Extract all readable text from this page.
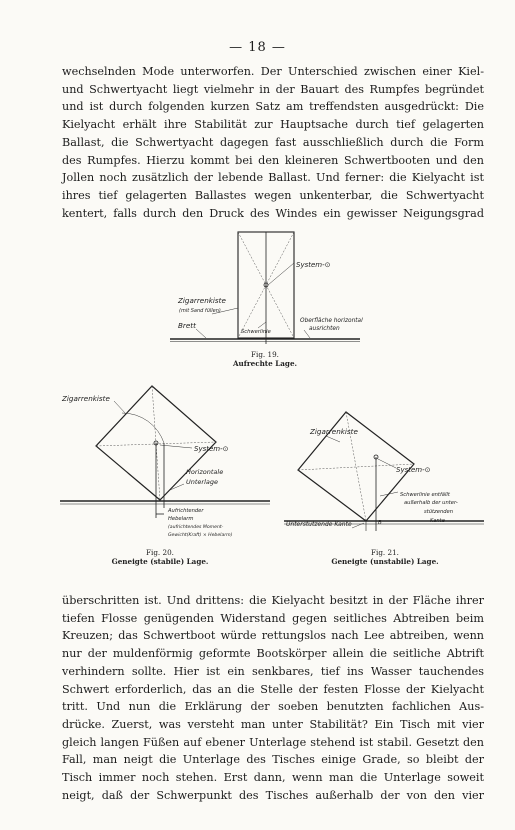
— 18 —

wechselnden Mode unterworfen. Der Unterschied zwischen einer Kiel-
und Schwertyacht liegt vielmehr in der Bauart des Rumpfes begründet
und ist durch folgenden kurzen Satz am treffendsten ausgedrückt: Die
Kielyacht erhält ihre Stabilität zur Hauptsache durch tief gelagerten
Ballast, die Schwertyacht dagegen fast ausschließlich durch die Form
des Rumpfes. Hierzu kommt bei den kleineren Schwertbooten und den
Jollen noch zusätzlich der lebende Ballast. Und ferner: die Kielyacht ist
ihres tief gelagerten Ballastes wegen unkenterbar, die Schwertyacht
kentert, falls durch den Druck des Windes ein gewisser Neigungsgrad

System-⊙
Zigarrenkiste
(mit Sand füllen)
Brett
Schwerlinie
Oberfläche horizontal
ausrichten
Fig. 19.
Aufrechte Lage.
Zigarrenkiste
System-⊙
Horizontale
Unterlage
Aufrichtender
Hebelarm
(aufrichtendes Moment-
Gewicht(Kraft) × Hebelarm)
Fig. 20.
Geneigte (stabile) Lage.
Zigarrenkiste
System-⊙
Schwerlinie entfällt
außerhalb der unter-
stützenden
Kante
Unterstützende Kante	B
Fig. 21.
Geneigte (unstabile) Lage.

überschritten ist. Und drittens: die Kielyacht besitzt in der Fläche ihrer
tiefen Flosse genügenden Widerstand gegen seitliches Abtreiben beim
Kreuzen; das Schwertboot würde rettungslos nach Lee abtreiben, wenn
nur der muldenförmig geformte Bootskörper allein die seitliche Abtrift
verhindern sollte. Hier ist ein senkbares, tief ins Wasser tauchendes
Schwert erforderlich, das an die Stelle der festen Flosse der Kielyacht
tritt. Und nun die Erklärung der soeben benutzten fachlichen Aus-
drücke. Zuerst, was versteht man unter Stabilität? Ein Tisch mit vier
gleich langen Füßen auf ebener Unterlage stehend ist stabil. Gesetzt den
Fall, man neigt die Unterlage des Tisches einige Grade, so bleibt der
Tisch immer noch stehen. Erst dann, wenn man die Unterlage soweit
neigt, daß der Schwerpunkt des Tisches außerhalb der von den vier
